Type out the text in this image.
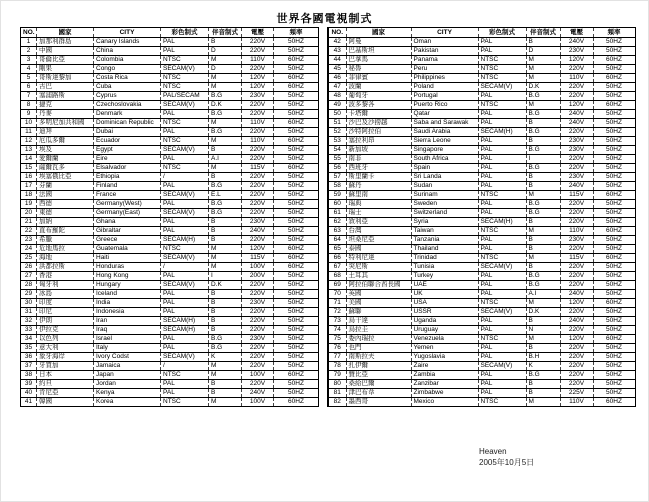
世界各國電視制式
NO.	國家	CITY	彩色制式	伴音制式	電壓	頻率
1	加那利群島	Canary Islands	PAL	B	220V	50HZ
2	中國	China	PAL	D	220V	50HZ
3	哥倫比亞	Colombia	NTSC	M	110V	60HZ
4	剛果	Congo	SECAM(V)	D	220V	50HZ
5	哥斯達黎加	Costa Rica	NTSC	M	120V	60HZ
6	古巴	Cuba	NTSC	M	120V	60HZ
7	塞浦路斯	Cyprus	PAL/SECAM	B.G	230V	50HZ
8	捷克	Czechoslovakia	SECAM(V)	D.K	220V	50HZ
9	丹麥	Denmark	PAL	B.G	220V	50HZ
10	多明尼加共和國	Dominican Republic	NTSC	M	110V	60HZ
11	迪拜	Dubai	PAL	B.G	220V	50HZ
12	厄瓜多爾	Ecuador	NTSC	M	110V	60HZ
13	埃及	Egypt	SECAM(V)	B	220V	50HZ
14	愛爾蘭	Eire	PAL	A.I	220V	50HZ
15	薩爾瓦多	Elsalvador	NTSC	M	115V	60HZ
16	埃塞俄比亞	Ethiopia	/	B	220V	50HZ
17	芬蘭	Finland	PAL	B.G	220V	50HZ
18	法國	France	SECAM(V)	E.L	220V	50HZ
19	西德	Germany(West)	PAL	B.G	220V	50HZ
20	東德	Germany(East)	SECAM(V)	B.G	220V	50HZ
21	加納	Ghana	PAL	B	230V	50HZ
22	直布羅陀	Gibraltar	PAL	B	240V	50HZ
23	希臘	Greece	SECAM(H)	B	220V	50HZ
24	危地馬拉	Guatemala	NTSC	M	120V	60HZ
25	海地	Haiti	SECAM(V)	M	115V	60HZ
26	洪都拉斯	Honduras	/	M	100V	60HZ
27	香港	Hong Kong	PAL	I	200V	50HZ
28	匈牙利	Hungary	SECAM(V)	D.K	220V	50HZ
29	冰島	Iceland	PAL	B	220V	50HZ
30	印度	India	PAL	B	230V	50HZ
31	印尼	Indonesia	PAL	B	220V	50HZ
32	伊朗	Iran	SECAM(H)	B	220V	50HZ
33	伊拉克	Iraq	SECAM(H)	B	220V	50HZ
34	以色列	Israel	PAL	B.G	230V	50HZ
35	意大利	Italy	PAL	B.G	220V	50HZ
36	象牙海岸	Ivory Codst	SECAM(V)	K	220V	50HZ
37	牙買加	Jamaica	/	M	220V	50HZ
38	日本	Japan	NTSC	M	100V	60HZ
39	約旦	Jordan	PAL	B	220V	50HZ
40	肯尼亞	Kenya	PAL	B	240V	50HZ
41	韓國	Korea	NTSC	M	100V	60HZ
NO.	國家	CITY	彩色制式	伴音制式	電壓	頻率
42	阿曼	Oman	PAL	B	240V	50HZ
43	巴基斯坦	Pakistan	PAL	D	230V	50HZ
44	巴拿馬	Panama	NTSC	M	120V	60HZ
45	秘魯	Peru	NTSC	M	220V	50HZ
46	菲律賓	Philippines	NTSC	M	110V	60HZ
47	波蘭	Poland	SECAM(V)	D.K	220V	50HZ
48	葡萄牙	Portugal	PAL	B.G	220V	50HZ
49	波多黎各	Puerto Rico	NTSC	M	120V	60HZ
50	卡塔爾	Qatar	PAL	B.G	240V	50HZ
51	沙巴及沙撈越	Saba and Sarawak	PAL	B	240V	50HZ
52	沙特阿拉伯	Saudi Arabia	SECAM(H)	B.G	220V	50HZ
53	塞拉利昂	Sierra Leone	PAL	B	230V	50HZ
54	新加坡	Singapore	PAL	B.G	230V	50HZ
55	南非	South Africa	PAL	I	220V	50HZ
56	西班牙	Spain	PAL	B.G	220V	50HZ
57	斯里蘭卡	Sri Landa	PAL	B	230V	50HZ
58	蘇丹	Sudan	PAL	B	240V	50HZ
59	蘇里南	Surinam	NTSC	M	115V	60HZ
60	瑞典	Sweden	PAL	B.G	220V	50HZ
61	瑞士	Switzerland	PAL	B.G	220V	50HZ
62	敘利亞	Syria	SECAM(H)	B	220V	50HZ
63	台灣	Taiwan	NTSC	M	110V	60HZ
64	坦桑尼亞	Tanzania	PAL	B	230V	50HZ
65	泰國	Thailand	PAL	B	220V	50HZ
66	特利尼達	Trinidad	NTSC	M	115V	60HZ
67	突尼斯	Tunisia	SECAM(V)	B	220V	50HZ
68	土耳其	Turkey	PAL	B.G	220V	50HZ
69	阿拉伯聯合酋長國	UAE	PAL	B.G	220V	50HZ
70	英國	UK	PAL	A.I	240V	50HZ
71	美國	USA	NTSC	M	120V	60HZ
72	蘇聯	USSR	SECAM(V)	D.K	220V	50HZ
73	烏干達	Uganda	PAL	B	240V	50HZ
74	烏拉圭	Uruguay	PAL	N	220V	50HZ
75	委內瑞拉	Venezuela	NTSC	M	120V	60HZ
76	也門	Yemen	PAL	B	220V	50HZ
77	南斯拉夫	Yugoslavia	PAL	B.H	220V	50HZ
78	扎伊爾	Zaire	SECAM(V)	K	220V	50HZ
79	贊比亞	Zambia	PAL	B.G	220V	50HZ
80	桑給巴爾	Zanzibar	PAL	B	220V	50HZ
81	津巴布韋	Zimbabwe	PAL	B	225V	50HZ
82	墨西哥	Mexico	NTSC	M	110V	60HZ
Heaven
2005年10月5日
